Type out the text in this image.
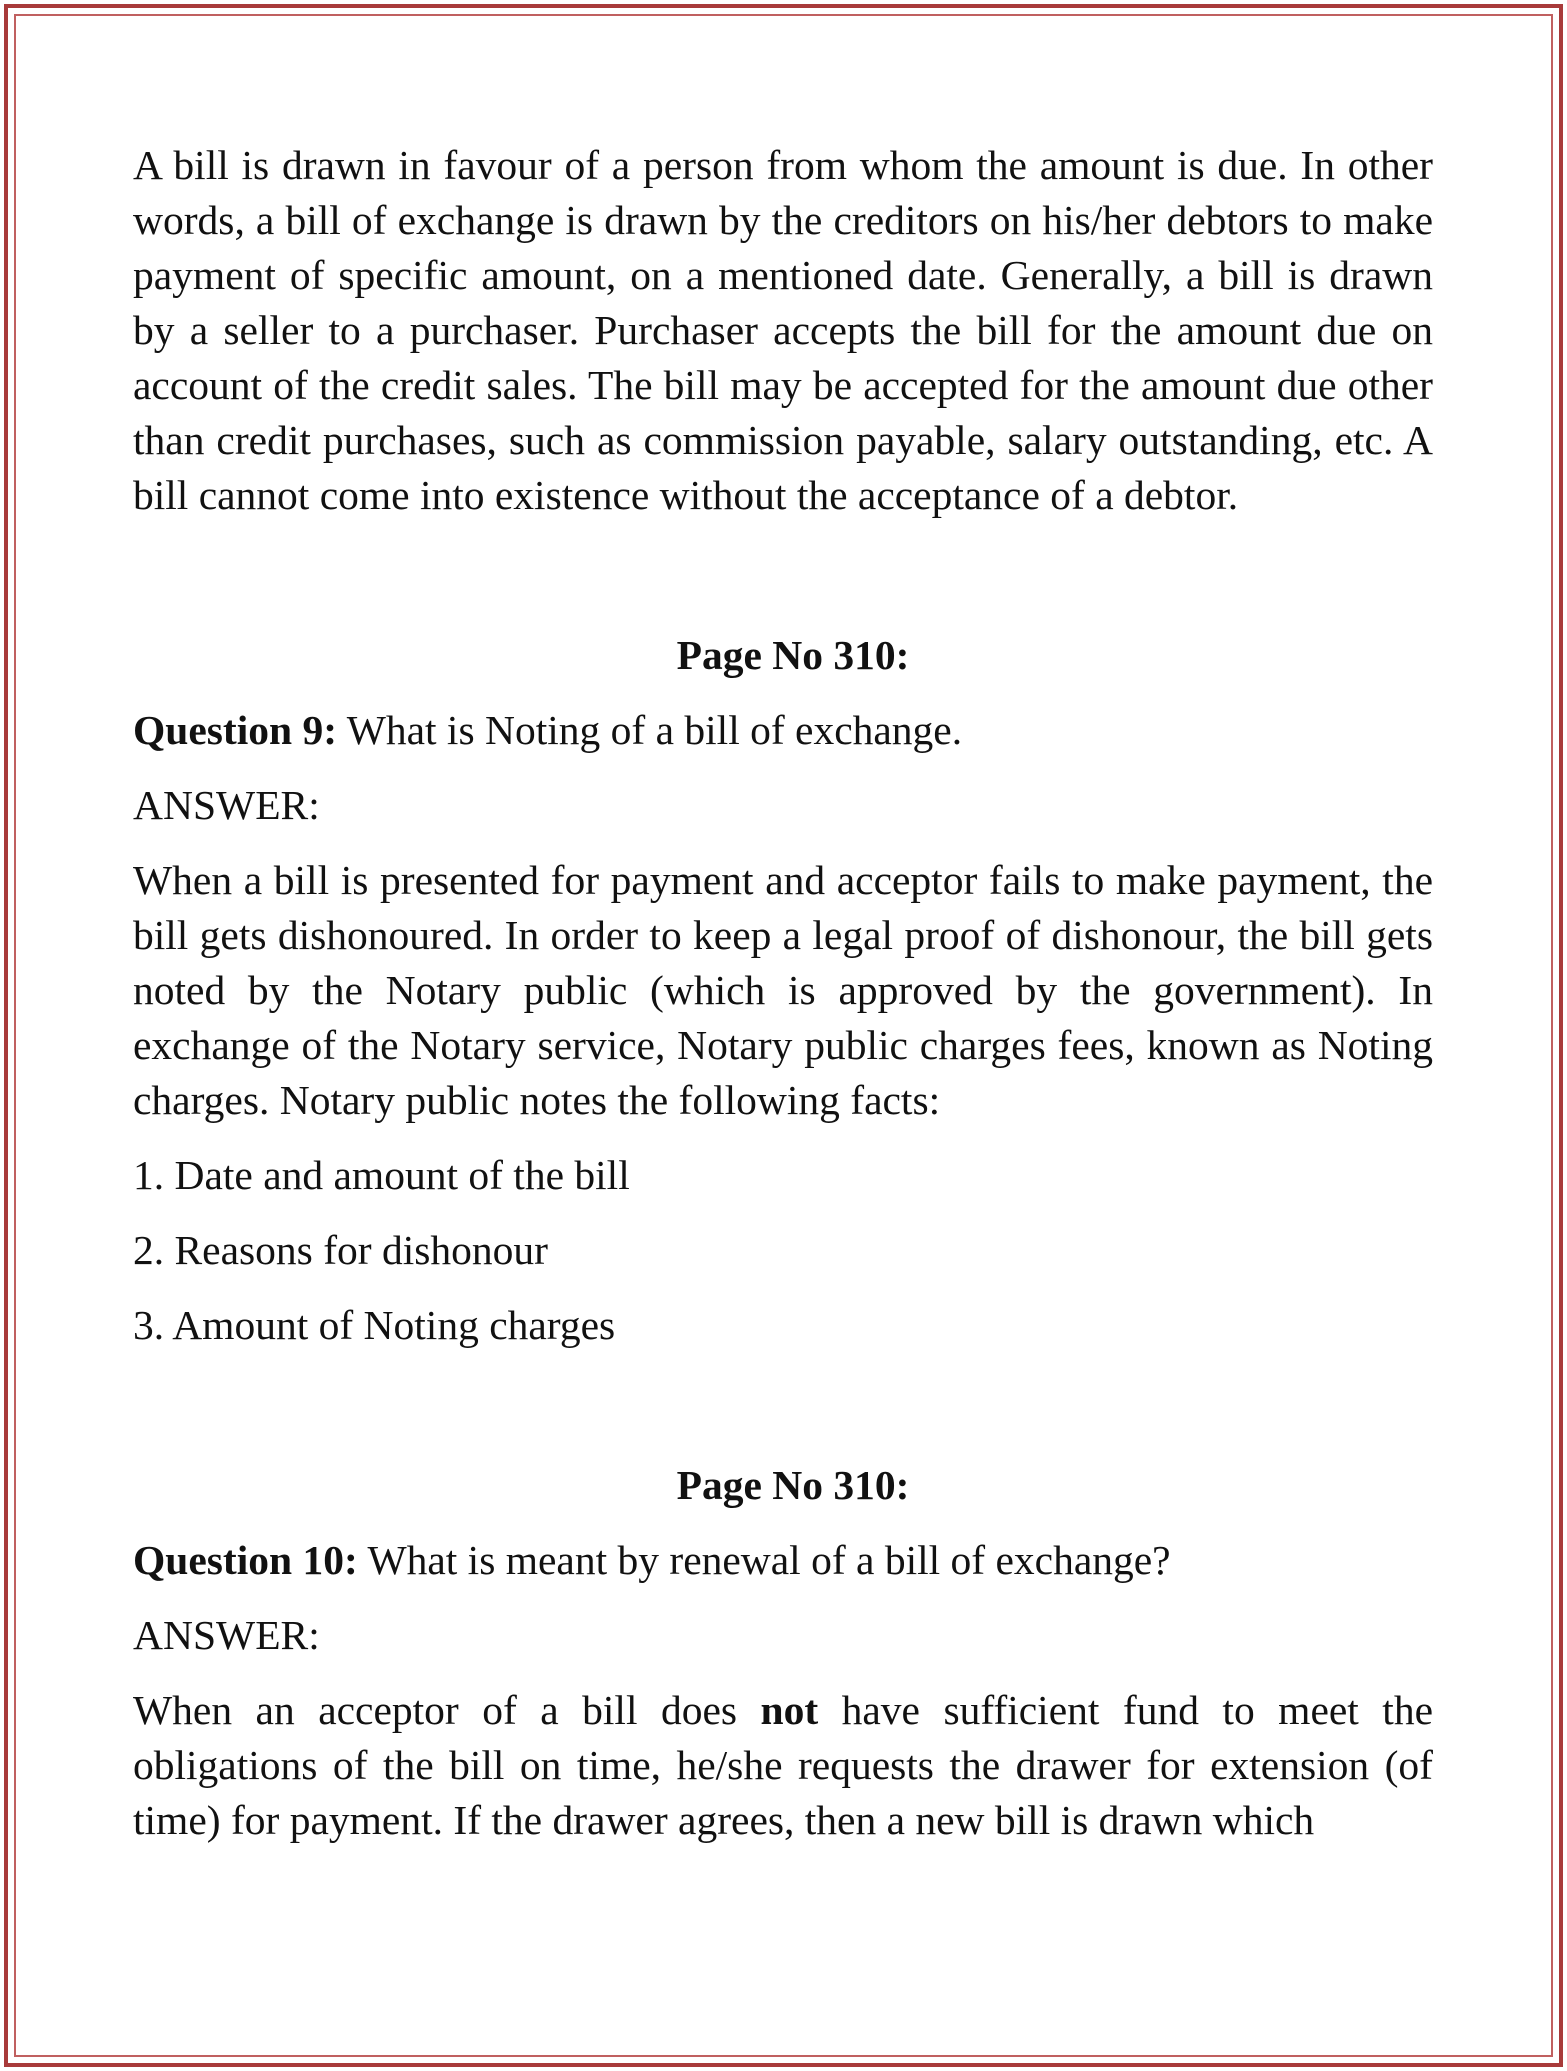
A bill is drawn in favour of a person from whom the amount is due. In other words, a bill of exchange is drawn by the creditors on his/her debtors to make payment of specific amount, on a mentioned date. Generally, a bill is drawn by a seller to a purchaser. Purchaser accepts the bill for the amount due on account of the credit sales. The bill may be accepted for the amount due other than credit purchases, such as commission payable, salary outstanding, etc. A bill cannot come into existence without the acceptance of a debtor.

Page No 310:

Question 9: What is Noting of a bill of exchange.

ANSWER:

When a bill is presented for payment and acceptor fails to make payment, the bill gets dishonoured. In order to keep a legal proof of dishonour, the bill gets noted by the Notary public (which is approved by the government). In exchange of the Notary service, Notary public charges fees, known as Noting charges. Notary public notes the following facts:

1. Date and amount of the bill

2. Reasons for dishonour

3. Amount of Noting charges

Page No 310:

Question 10: What is meant by renewal of a bill of exchange?

ANSWER:

When an acceptor of a bill does not have sufficient fund to meet the obligations of the bill on time, he/she requests the drawer for extension (of time) for payment. If the drawer agrees, then a new bill is drawn which
